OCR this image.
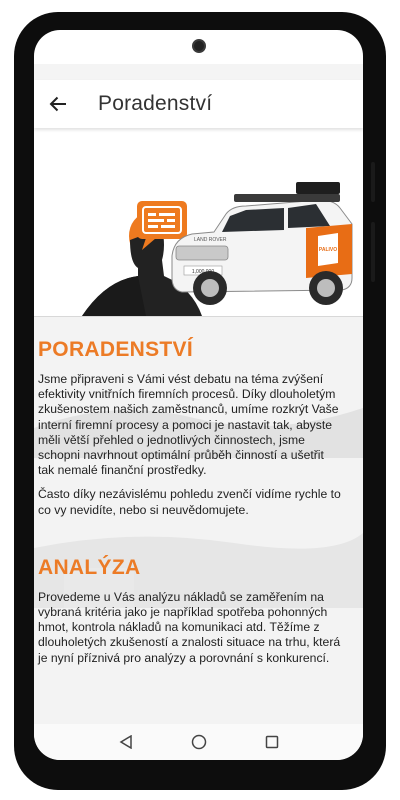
62 %	7:21
Poradenství
LAND ROVER
1,000,000
PALIVO
PORADENSTVÍ

Jsme připraveni s Vámi vést debatu na téma zvýšení
efektivity vnitřních firemních procesů. Díky dlouholetým
zkušenostem našich zaměstnanců, umíme rozkrýt Vaše
interní firemní procesy a pomoci je nastavit tak, abyste
měli větší přehled o jednotlivých činnostech, jsme
schopni navrhnout optimální průběh činností a ušetřit
tak nemalé finanční prostředky.

Často díky nezávislému pohledu zvenčí vidíme rychle to
co vy nevidíte, nebo si neuvědomujete.

ANALÝZA

Provedeme u Vás analýzu nákladů se zaměřením na
vybraná kritéria jako je například spotřeba pohonných
hmot, kontrola nákladů na komunikaci atd. Těžíme z
dlouholetých zkušeností a znalosti situace na trhu, která
je nyní příznivá pro analýzy a porovnání s konkurencí.
